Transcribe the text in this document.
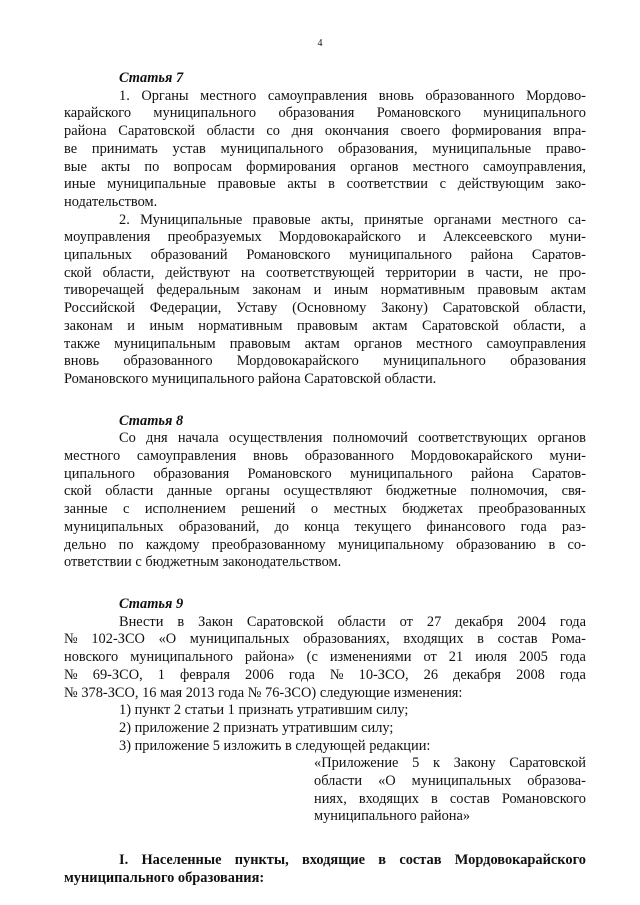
4

Статья 7

1. Органы местного самоуправления вновь образованного Мордово-
карайского муниципального образования Романовского муниципального
района Саратовской области со дня окончания своего формирования впра-
ве принимать устав муниципального образования, муниципальные право-
вые акты по вопросам формирования органов местного самоуправления,
иные муниципальные правовые акты в соответствии с действующим зако-
нодательством.
2. Муниципальные правовые акты, принятые органами местного са-
моуправления преобразуемых Мордовокарайского и Алексеевского муни-
ципальных образований Романовского муниципального района Саратов-
ской области, действуют на соответствующей территории в части, не про-
тиворечащей федеральным законам и иным нормативным правовым актам
Российской Федерации, Уставу (Основному Закону) Саратовской области,
законам и иным нормативным правовым актам Саратовской области, а
также муниципальным правовым актам органов местного самоуправления
вновь образованного Мордовокарайского муниципального образования
Романовского муниципального района Саратовской области.

Статья 8

Со дня начала осуществления полномочий соответствующих органов
местного самоуправления вновь образованного Мордовокарайского муни-
ципального образования Романовского муниципального района Саратов-
ской области данные органы осуществляют бюджетные полномочия, свя-
занные с исполнением решений о местных бюджетах преобразованных
муниципальных образований, до конца текущего финансового года раз-
дельно по каждому преобразованному муниципальному образованию в со-
ответствии с бюджетным законодательством.

Статья 9

Внести в Закон Саратовской области от 27 декабря 2004 года
№ 102-ЗСО «О муниципальных образованиях, входящих в состав Рома-
новского муниципального района» (с изменениями от 21 июля 2005 года
№ 69-ЗСО, 1 февраля 2006 года № 10-ЗСО, 26 декабря 2008 года
№ 378-ЗСО, 16 мая 2013 года № 76-ЗСО) следующие изменения:
1) пункт 2 статьи 1 признать утратившим силу;
2) приложение 2 признать утратившим силу;
3) приложение 5 изложить в следующей редакции:
«Приложение 5 к Закону Саратовской
области «О муниципальных образова-
ниях, входящих в состав Романовского
муниципального района»
I. Населенные пункты, входящие в состав Мордовокарайского
муниципального образования:
